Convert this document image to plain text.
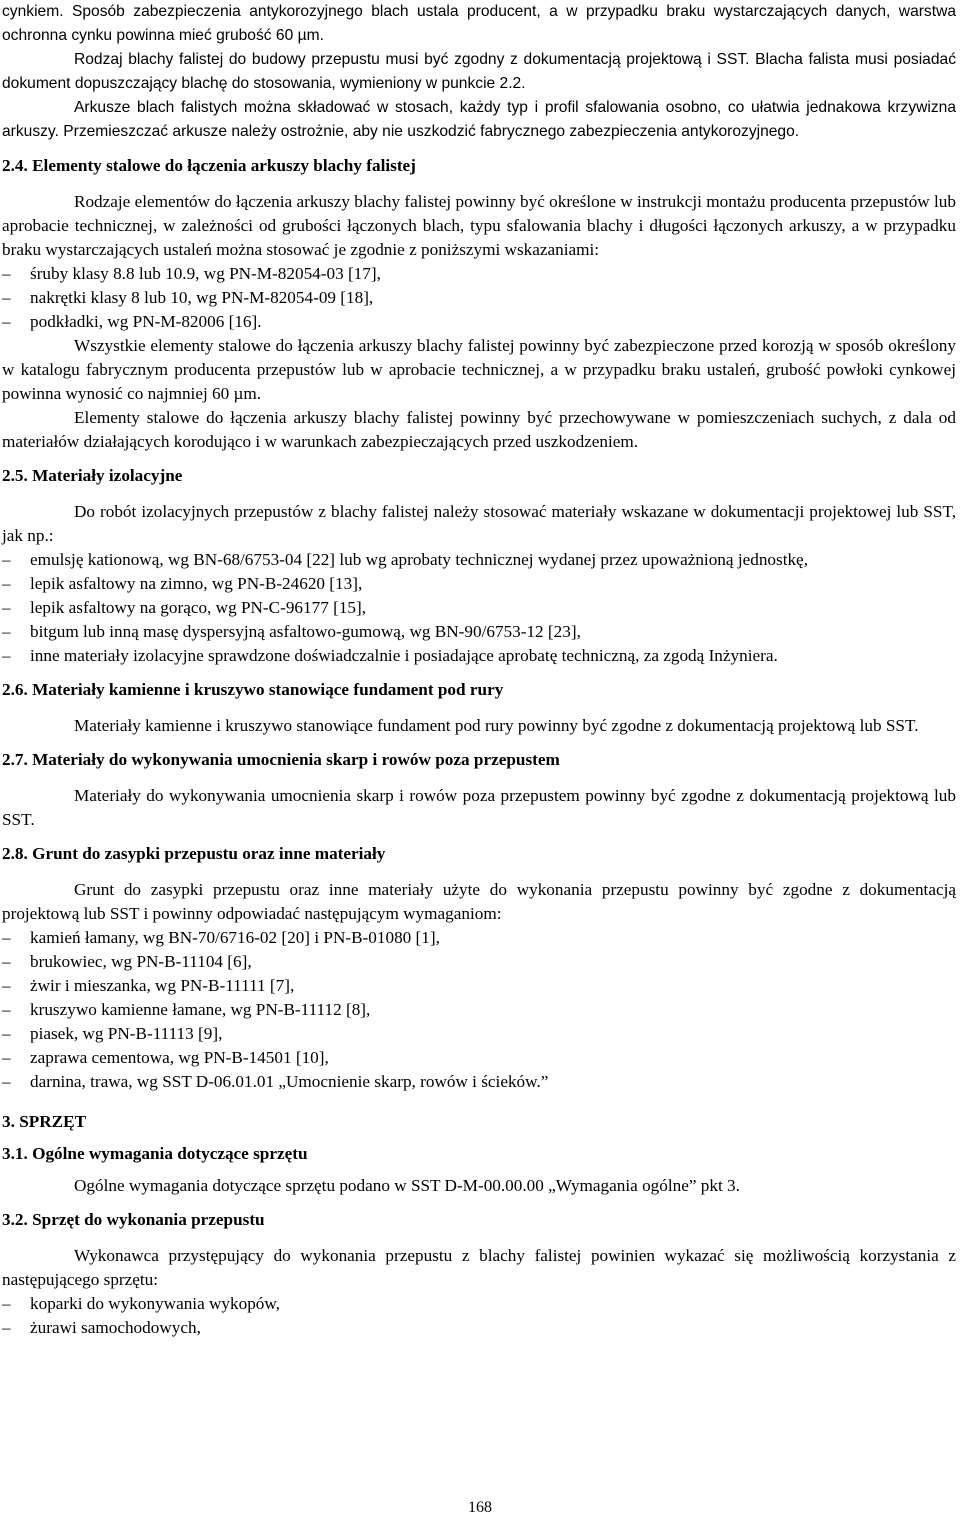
cynkiem. Sposób zabezpieczenia antykorozyjnego blach ustala producent, a w przypadku braku wystarczających danych, warstwa ochronna cynku powinna mieć grubość 60 µm.

Rodzaj blachy falistej do budowy przepustu musi być zgodny z dokumentacją projektową i SST. Blacha falista musi posiadać dokument dopuszczający blachę do stosowania, wymieniony w punkcie 2.2.

Arkusze blach falistych można składować w stosach, każdy typ i profil sfalowania osobno, co ułatwia jednakowa krzywizna arkuszy. Przemieszczać arkusze należy ostrożnie, aby nie uszkodzić fabrycznego zabezpieczenia antykorozyjnego.

2.4. Elementy stalowe do łączenia arkuszy blachy falistej

Rodzaje elementów do łączenia arkuszy blachy falistej powinny być określone w instrukcji montażu producenta przepustów lub aprobacie technicznej, w zależności od grubości łączonych blach, typu sfalowania blachy i długości łączonych arkuszy, a w przypadku braku wystarczających ustaleń można stosować je zgodnie z poniższymi wskazaniami:

– śruby klasy 8.8 lub 10.9, wg PN-M-82054-03 [17],
– nakrętki klasy 8 lub 10, wg PN-M-82054-09 [18],
– podkładki, wg PN-M-82006 [16].

Wszystkie elementy stalowe do łączenia arkuszy blachy falistej powinny być zabezpieczone przed korozją w sposób określony w katalogu fabrycznym producenta przepustów lub w aprobacie technicznej, a w przypadku braku ustaleń, grubość powłoki cynkowej powinna wynosić co najmniej 60 µm.

Elementy stalowe do łączenia arkuszy blachy falistej powinny być przechowywane w pomieszczeniach suchych, z dala od materiałów działających korodująco i w warunkach zabezpieczających przed uszkodzeniem.

2.5. Materiały izolacyjne

Do robót izolacyjnych przepustów z blachy falistej należy stosować materiały wskazane w dokumentacji projektowej lub SST, jak np.:

– emulsję kationową, wg BN-68/6753-04 [22] lub wg aprobaty technicznej wydanej przez upoważnioną jednostkę,
– lepik asfaltowy na zimno, wg PN-B-24620 [13],
– lepik asfaltowy na gorąco, wg PN-C-96177 [15],
– bitgum lub inną masę dyspersyjną asfaltowo-gumową, wg BN-90/6753-12 [23],
– inne materiały izolacyjne sprawdzone doświadczalnie i posiadające aprobatę techniczną, za zgodą Inżyniera.
2.6. Materiały kamienne i kruszywo stanowiące fundament pod rury

Materiały kamienne i kruszywo stanowiące fundament pod rury powinny być zgodne z dokumentacją projektową lub SST.

2.7. Materiały do wykonywania umocnienia skarp i rowów poza przepustem

Materiały do wykonywania umocnienia skarp i rowów poza przepustem powinny być zgodne z dokumentacją projektową lub SST.

2.8. Grunt do zasypki przepustu oraz inne materiały

Grunt do zasypki przepustu oraz inne materiały użyte do wykonania przepustu powinny być zgodne z dokumentacją projektową lub SST i powinny odpowiadać następującym wymaganiom:

– kamień łamany, wg BN-70/6716-02 [20] i PN-B-01080 [1],
– brukowiec, wg PN-B-11104 [6],
– żwir i mieszanka, wg PN-B-11111 [7],
– kruszywo kamienne łamane, wg PN-B-11112 [8],
– piasek, wg PN-B-11113 [9],
– zaprawa cementowa, wg PN-B-14501 [10],
– darnina, trawa, wg SST D-06.01.01 „Umocnienie skarp, rowów i ścieków.”
3. SPRZĘT
3.1. Ogólne wymagania dotyczące sprzętu

Ogólne wymagania dotyczące sprzętu podano w SST D-M-00.00.00 „Wymagania ogólne” pkt 3.

3.2. Sprzęt do wykonania przepustu

Wykonawca przystępujący do wykonania przepustu z blachy falistej powinien wykazać się możliwością korzystania z następującego sprzętu:

– koparki do wykonywania wykopów,
– żurawi samochodowych,
168
